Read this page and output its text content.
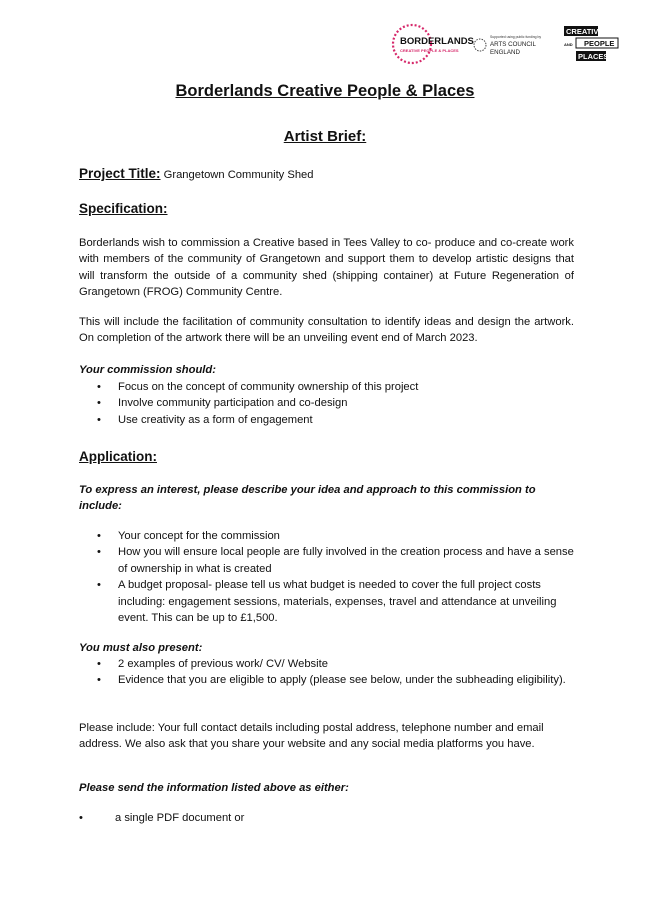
BORDERLANDS
CREATIVE PEOPLE & PLACES
Supported using public funding by
ARTS COUNCIL
ENGLAND
CREATIVE
AND PEOPLE
PLACES
Borderlands Creative People & Places
Artist Brief:
Project Title: Grangetown Community Shed
Specification:
Borderlands wish to commission a Creative based in Tees Valley to co- produce and co-create work with members of the community of Grangetown and support them to develop artistic designs that will transform the outside of a community shed (shipping container) at Future Regeneration of Grangetown (FROG) Community Centre.
This will include the facilitation of community consultation to identify ideas and design the artwork. On completion of the artwork there will be an unveiling event end of March 2023.
Your commission should:
• Focus on the concept of community ownership of this project
• Involve community participation and co-design
• Use creativity as a form of engagement
Application:
To express an interest, please describe your idea and approach to this commission to include:
• Your concept for the commission
• How you will ensure local people are fully involved in the creation process and have a sense of ownership in what is created
• A budget proposal- please tell us what budget is needed to cover the full project costs including: engagement sessions, materials, expenses, travel and attendance at unveiling event. This can be up to £1,500.
You must also present:
• 2 examples of previous work/ CV/ Website
• Evidence that you are eligible to apply (please see below, under the subheading eligibility).
Please include: Your full contact details including postal address, telephone number and email address. We also ask that you share your website and any social media platforms you have.
Please send the information listed above as either:
• a single PDF document or
